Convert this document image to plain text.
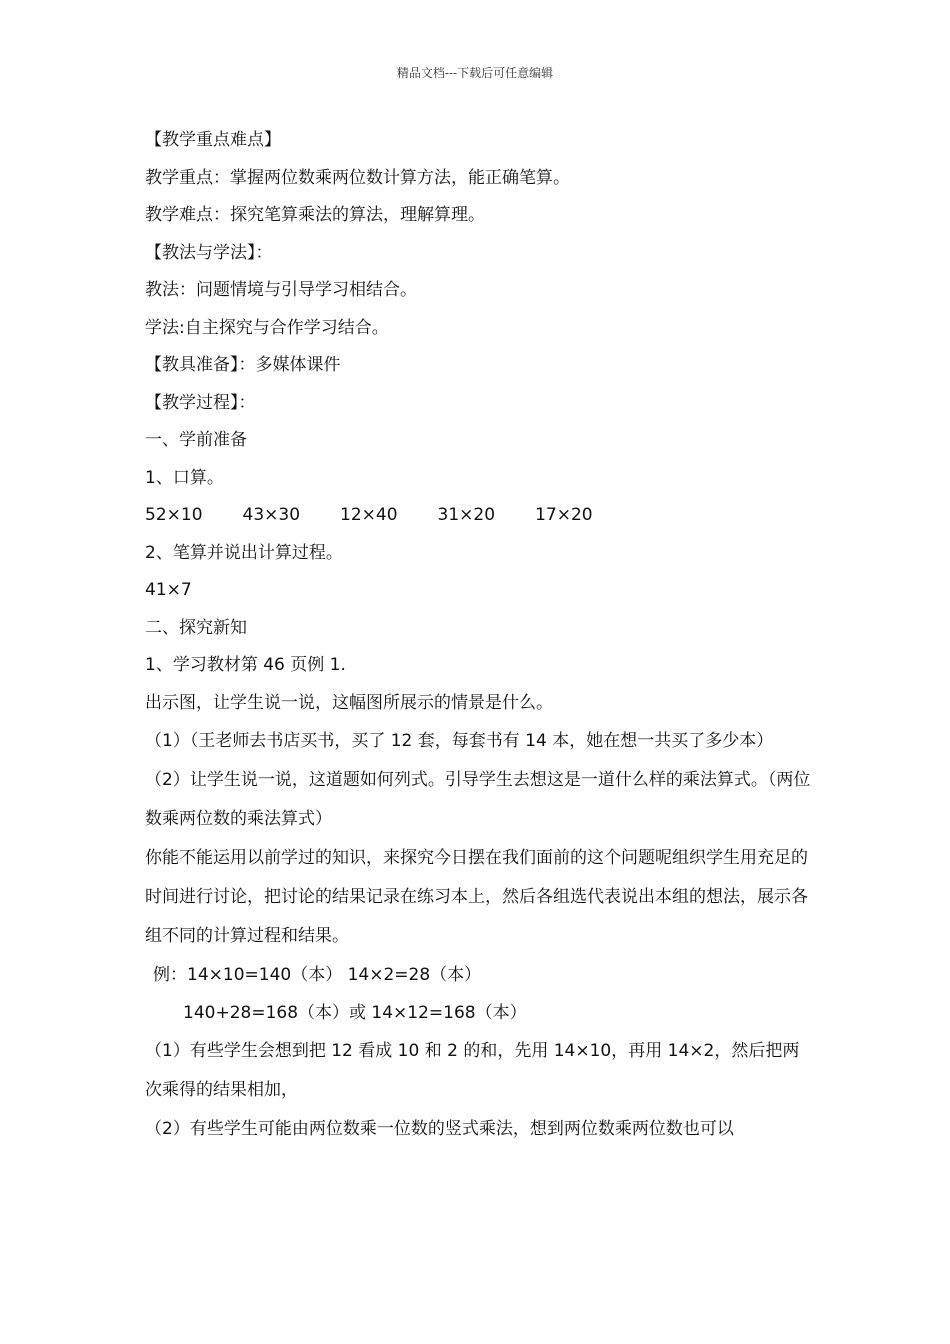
精品文档---下载后可任意编辑
【教学重点难点】
教学重点：掌握两位数乘两位数计算方法，能正确笔算。
教学难点：探究笔算乘法的算法，理解算理。
【教法与学法】：
教法：问题情境与引导学习相结合。
学法:自主探究与合作学习结合。
【教具准备】：多媒体课件
【教学过程】：
一、学前准备
1、口算。
52×10 43×30 12×40 31×20 17×20
2、笔算并说出计算过程。
41×7
二、探究新知
1、学习教材第 46 页例 1.
出示图，让学生说一说，这幅图所展示的情景是什么。
（1）（王老师去书店买书，买了 12 套，每套书有 14 本，她在想一共买了多少本）
（2）让学生说一说，这道题如何列式。引导学生去想这是一道什么样的乘法算式。（两位数乘两位数的乘法算式）
你能不能运用以前学过的知识，来探究今日摆在我们面前的这个问题呢组织学生用充足的时间进行讨论，把讨论的结果记录在练习本上，然后各组选代表说出本组的想法，展示各组不同的计算过程和结果。
例：14×10=140（本） 14×2=28（本）
140+28=168（本）或 14×12=168（本）
（1）有些学生会想到把 12 看成 10 和 2 的和，先用 14×10，再用 14×2，然后把两次乘得的结果相加，
（2）有些学生可能由两位数乘一位数的竖式乘法，想到两位数乘两位数也可以
